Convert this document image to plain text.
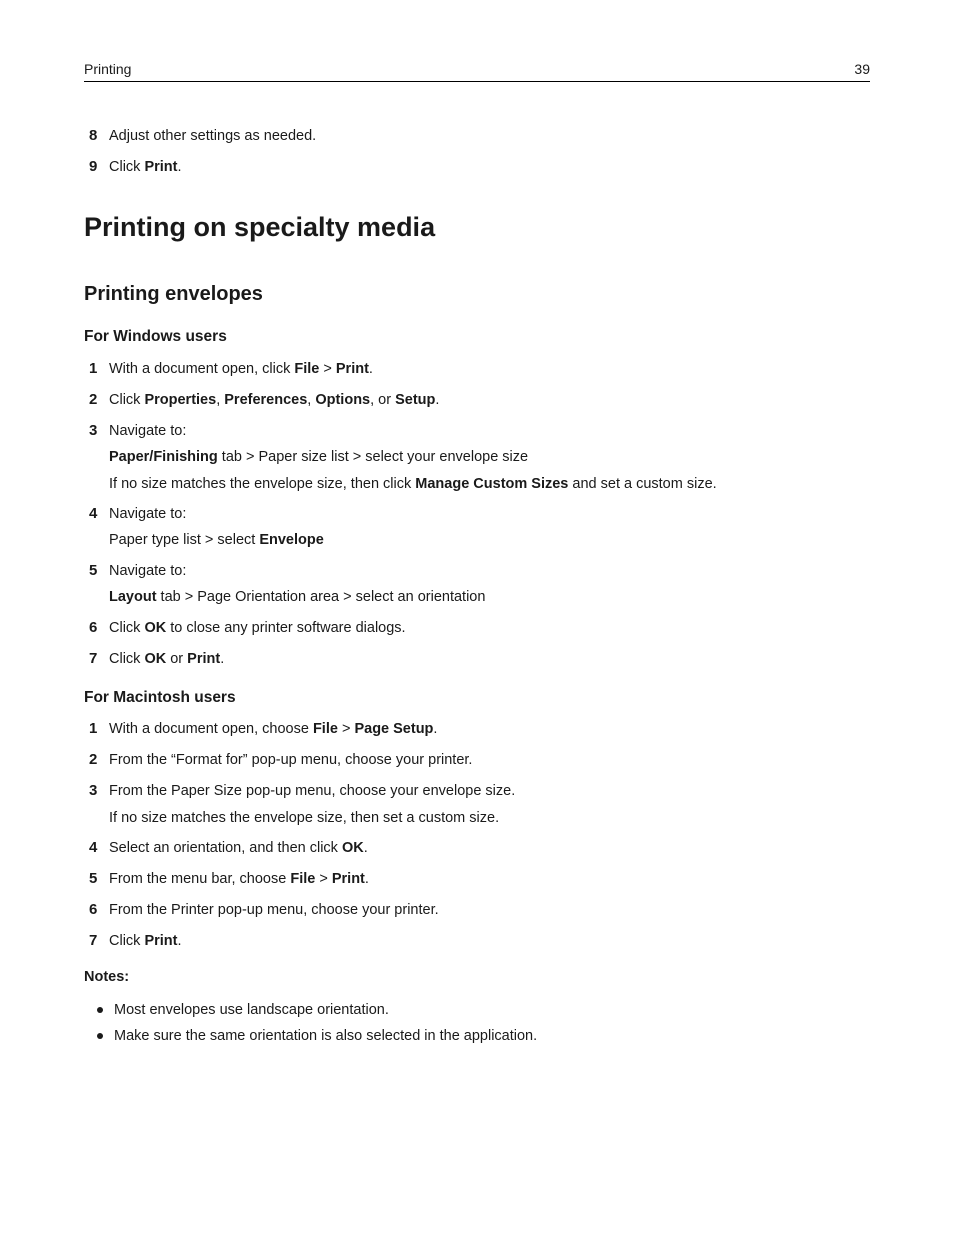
Printing	39
8 Adjust other settings as needed.
9 Click Print.
Printing on specialty media
Printing envelopes
For Windows users
1 With a document open, click File > Print.
2 Click Properties, Preferences, Options, or Setup.
3 Navigate to:
Paper/Finishing tab > Paper size list > select your envelope size
If no size matches the envelope size, then click Manage Custom Sizes and set a custom size.
4 Navigate to:
Paper type list > select Envelope
5 Navigate to:
Layout tab > Page Orientation area > select an orientation
6 Click OK to close any printer software dialogs.
7 Click OK or Print.
For Macintosh users
1 With a document open, choose File > Page Setup.
2 From the “Format for” pop-up menu, choose your printer.
3 From the Paper Size pop-up menu, choose your envelope size.
If no size matches the envelope size, then set a custom size.
4 Select an orientation, and then click OK.
5 From the menu bar, choose File > Print.
6 From the Printer pop-up menu, choose your printer.
7 Click Print.
Notes:
Most envelopes use landscape orientation.
Make sure the same orientation is also selected in the application.
